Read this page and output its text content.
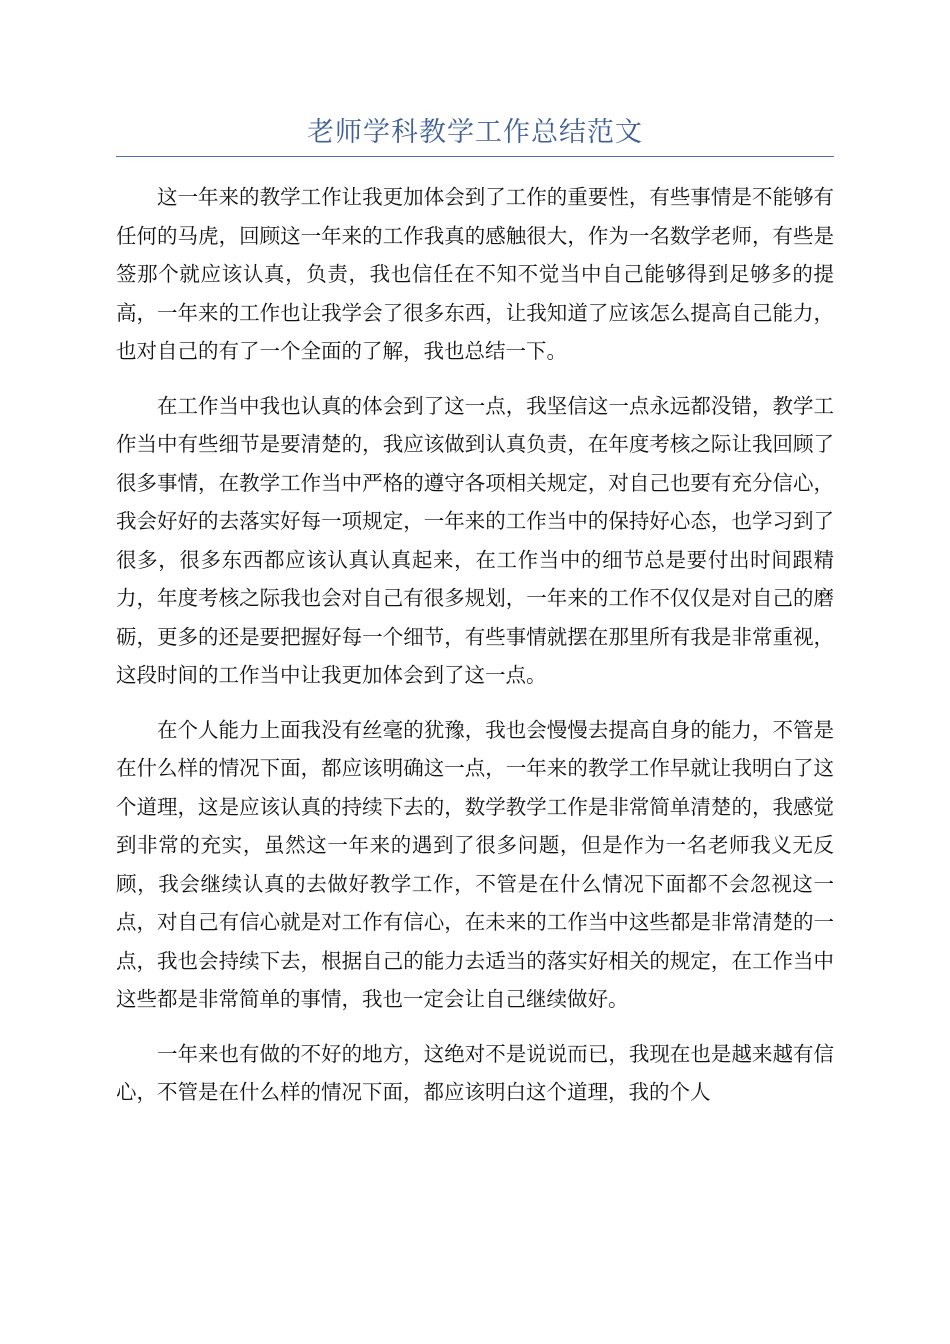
老师学科教学工作总结范文

这一年来的教学工作让我更加体会到了工作的重要性，有些事情是不能够有任何的马虎，回顾这一年来的工作我真的感触很大，作为一名数学老师，有些是签那个就应该认真，负责，我也信任在不知不觉当中自己能够得到足够多的提高，一年来的工作也让我学会了很多东西，让我知道了应该怎么提高自己能力，也对自己的有了一个全面的了解，我也总结一下。

在工作当中我也认真的体会到了这一点，我坚信这一点永远都没错，教学工作当中有些细节是要清楚的，我应该做到认真负责，在年度考核之际让我回顾了很多事情，在教学工作当中严格的遵守各项相关规定，对自己也要有充分信心，我会好好的去落实好每一项规定，一年来的工作当中的保持好心态，也学习到了很多，很多东西都应该认真认真起来，在工作当中的细节总是要付出时间跟精力，年度考核之际我也会对自己有很多规划，一年来的工作不仅仅是对自己的磨砺，更多的还是要把握好每一个细节，有些事情就摆在那里所有我是非常重视，这段时间的工作当中让我更加体会到了这一点。

在个人能力上面我没有丝毫的犹豫，我也会慢慢去提高自身的能力，不管是在什么样的情况下面，都应该明确这一点，一年来的教学工作早就让我明白了这个道理，这是应该认真的持续下去的，数学教学工作是非常简单清楚的，我感觉到非常的充实，虽然这一年来的遇到了很多问题，但是作为一名老师我义无反顾，我会继续认真的去做好教学工作，不管是在什么情况下面都不会忽视这一点，对自己有信心就是对工作有信心，在未来的工作当中这些都是非常清楚的一点，我也会持续下去，根据自己的能力去适当的落实好相关的规定，在工作当中这些都是非常简单的事情，我也一定会让自己继续做好。

一年来也有做的不好的地方，这绝对不是说说而已，我现在也是越来越有信心，不管是在什么样的情况下面，都应该明白这个道理，我的个人
